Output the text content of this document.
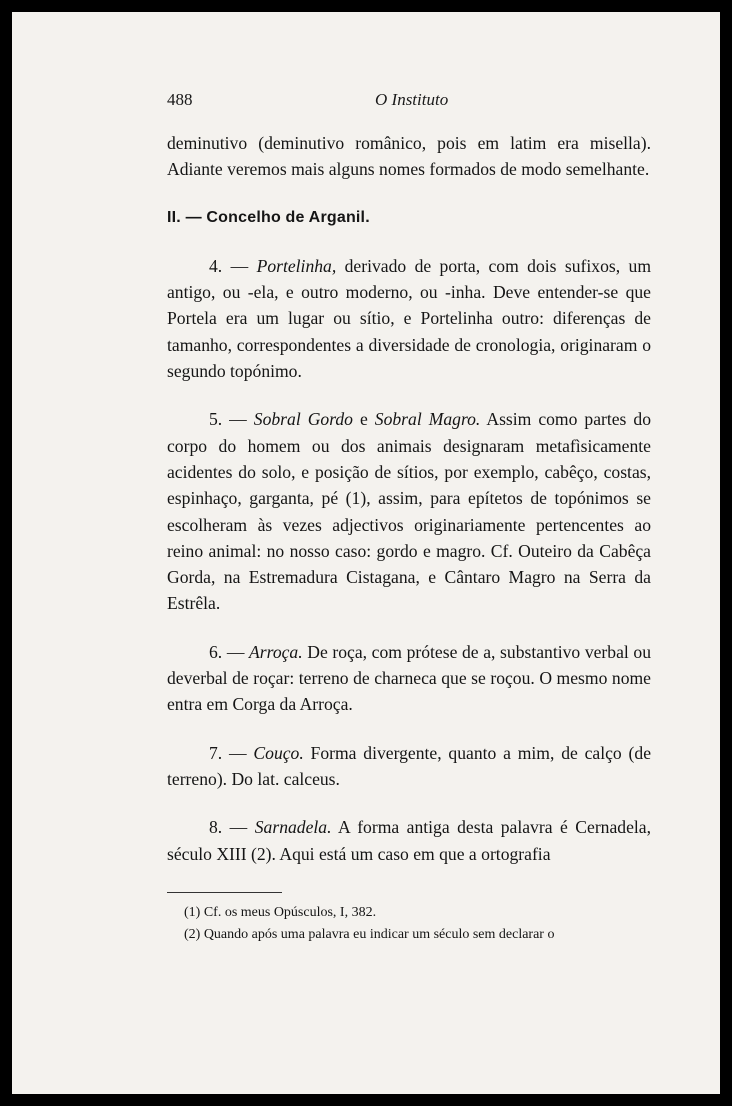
488	O Instituto

deminutivo (deminutivo românico, pois em latim era misella). Adiante veremos mais alguns nomes formados de modo semelhante.

II. — Concelho de Arganil.

4. — Portelinha, derivado de porta, com dois sufixos, um antigo, ou -ela, e outro moderno, ou -inha. Deve entender-se que Portela era um lugar ou sítio, e Portelinha outro: diferenças de tamanho, correspondentes a diversidade de cronologia, originaram o segundo topónimo.

5. — Sobral Gordo e Sobral Magro. Assim como partes do corpo do homem ou dos animais designaram metafìsicamente acidentes do solo, e posição de sítios, por exemplo, cabêço, costas, espinhaço, garganta, pé (1), assim, para epítetos de topónimos se escolheram às vezes adjectivos originariamente pertencentes ao reino animal: no nosso caso: gordo e magro. Cf. Outeiro da Cabêça Gorda, na Estremadura Cistagana, e Cântaro Magro na Serra da Estrêla.

6. — Arroça. De roça, com prótese de a, substantivo verbal ou deverbal de roçar: terreno de charneca que se roçou. O mesmo nome entra em Corga da Arroça.

7. — Couço. Forma divergente, quanto a mim, de calço (de terreno). Do lat. calceus.

8. — Sarnadela. A forma antiga desta palavra é Cernadela, século XIII (2). Aqui está um caso em que a ortografia

(1) Cf. os meus Opúsculos, I, 382.

(2) Quando após uma palavra eu indicar um século sem declarar o
